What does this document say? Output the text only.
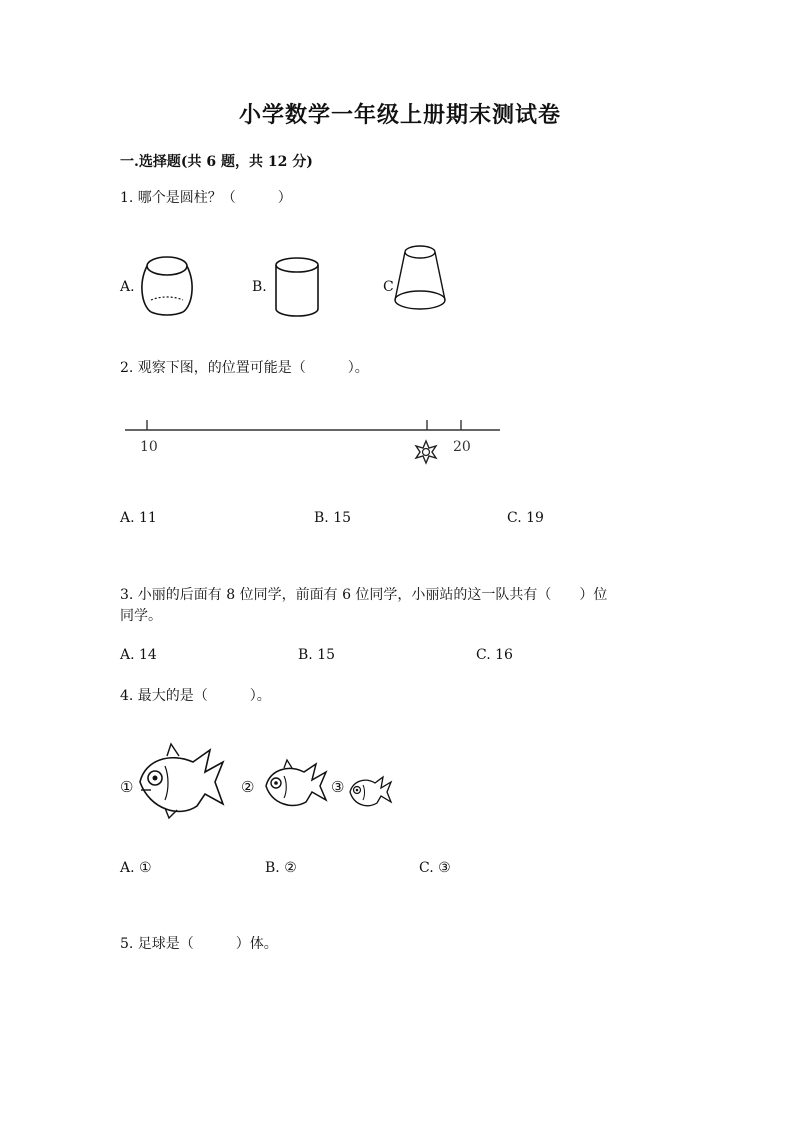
小学数学一年级上册期末测试卷
一.选择题(共 6 题，共 12 分)
1. 哪个是圆柱？（　　　）
A.	B.	C
2. 观察下图，的位置可能是（　　　）。
10	20
A. 11	B. 15	C. 19
3. 小丽的后面有 8 位同学，前面有 6 位同学，小丽站的这一队共有（　　）位
同学。
A. 14	B. 15	C. 16
4. 最大的是（　　　）。
①	②	③
A. ①	B. ②	C. ③
5. 足球是（　　　）体。
